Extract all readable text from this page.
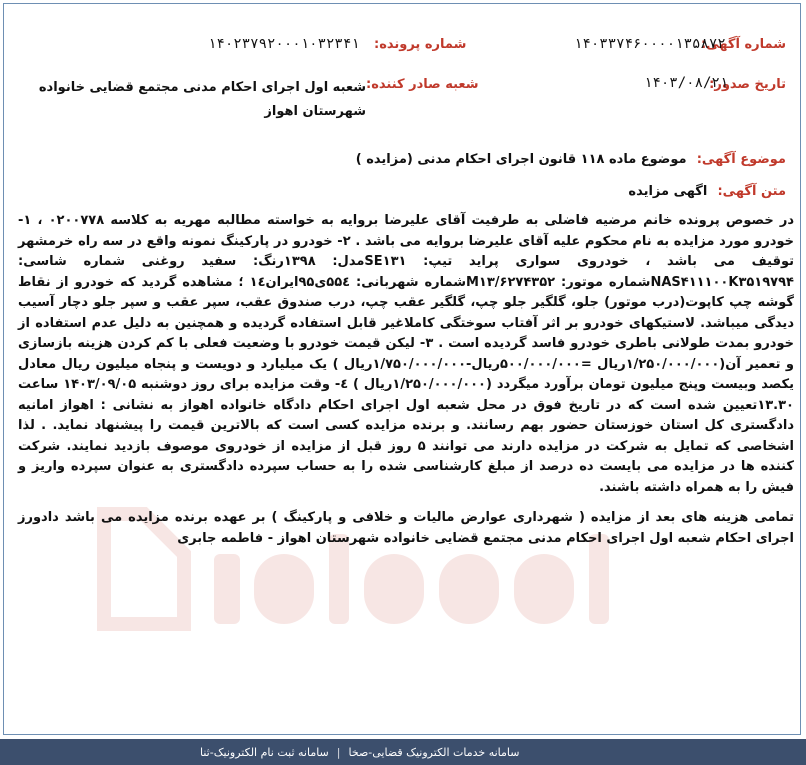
شماره آگهی:
۱۴۰۳۳۷۴۶۰۰۰۰۱۳۵۸۷۲
شماره پرونده:
۱۴۰۲۳۷۹۲۰۰۰۱۰۳۲۳۴۱
تاریخ صدور:
۱۴۰۳/۰۸/۲۱
شعبه صادر کننده:
شعبه اول اجرای احکام مدنی مجتمع قضایی خانواده شهرستان اهواز
موضوع آگهی: موضوع ماده ۱۱۸ قانون اجرای احکام مدنی (مزایده )
متن آگهی: اگهی مزایده

در خصوص پرونده خانم مرضیه فاضلی به طرفیت آقای علیرضا بروایه به خواسته مطالبه مهریه به کلاسه ۰۲۰۰۷۷۸ ، ۱- خودرو مورد مزایده به نام محکوم علیه آقای علیرضا بروایه می باشد . ۲- خودرو در پارکینگ نمونه واقع در سه راه خرمشهر توقیف می باشد ، خودروی سواری پراید تیپ: SE۱۳۱مدل: ۱۳۹۸رنگ: سفید روغنی شماره شاسی: NAS۴۱۱۱۰۰K۳۵۱۹۷۹۴شماره موتور: M۱۳/۶۲۷۴۳۵۲شماره شهربانی: ۵۵٤ی۹۵ایران۱٤ ؛ مشاهده گردید که خودرو از نقاط گوشه چپ کاپوت(درب موتور) جلو، گلگیر جلو چپ، گلگیر عقب چپ، درب صندوق عقب، سپر عقب و سپر جلو دچار آسیب دیدگی میباشد. لاستیکهای خودرو بر اثر آفتاب سوختگی کاملاغیر قابل استفاده گردیده و همچنین به دلیل عدم استفاده از خودرو بمدت طولانی باطری خودرو فاسد گردیده است . ۳- لیکن قیمت خودرو با وضعیت فعلی با کم کردن هزینه بازسازی و تعمیر آن(۱/۲۵۰/۰۰۰/۰۰۰ریال =۵۰۰/۰۰۰/۰۰۰ریال-۱/۷۵۰/۰۰۰/۰۰۰ریال ) یک میلیارد و دویست و پنجاه میلیون ریال معادل یکصد وبیست وپنج میلیون تومان برآورد میگردد (۱/۲۵۰/۰۰۰/۰۰۰ریال ) ٤- وقت مزایده برای روز دوشنبه ۱۴۰۳/۰۹/۰۵ ساعت ۱۳.۳۰تعیین شده است که در تاریخ فوق در محل شعبه اول اجرای احکام دادگاه خانواده اهواز به نشانی : اهواز امانیه دادگستری کل استان خوزستان حضور بهم رسانند. و برنده مزایده کسی است که بالاترین قیمت را پیشنهاد نماید. . لذا اشخاصی که تمایل به شرکت در مزایده دارند می توانند ۵ روز قبل از مزایده از خودروی موصوف بازدید نمایند. شرکت کننده ها در مزایده می بایست ده درصد از مبلغ کارشناسی شده را به حساب سپرده دادگستری به عنوان سپرده واریز و فیش را به همراه داشته باشند.

تمامی هزینه های بعد از مزایده ( شهرداری عوارض مالیات و خلافی و پارکینگ ) بر عهده برنده مزایده می باشد دادورز اجرای احکام شعبه اول اجرای احکام مدنی مجتمع قضایی خانواده شهرستان اهواز - فاطمه جابری

سامانه خدمات الکترونیک قضایی-صخا
|
سامانه ثبت نام الکترونیک-ثنا
